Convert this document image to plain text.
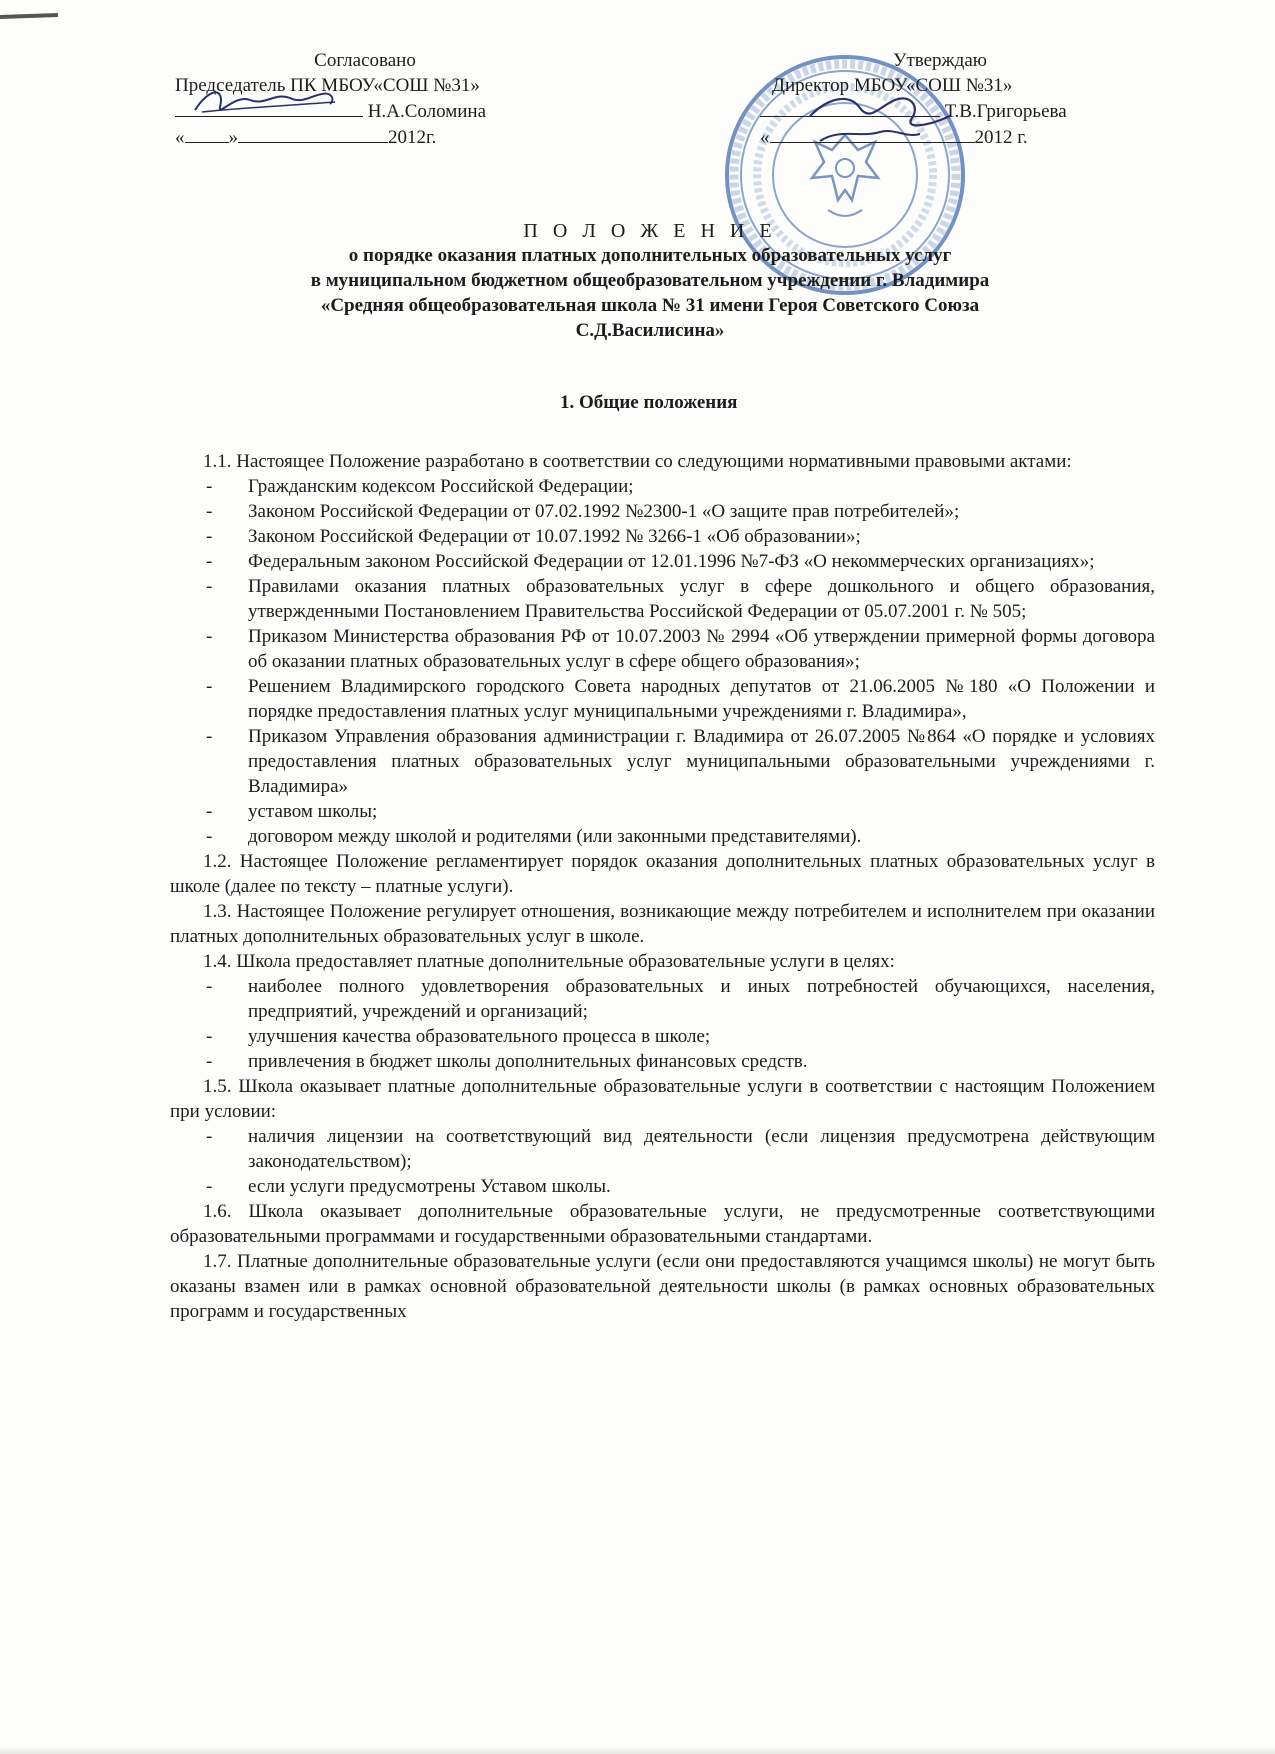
Согласовано
Председатель ПК МБОУ«СОШ №31»
Н.А.Соломина
« »	2012г.
Утверждаю
Директор МБОУ«СОШ №31»
Т.В.Григорьева
«	2012 г.
П О Л О Ж Е Н И Е
о порядке оказания платных дополнительных образовательных услуг
в муниципальном бюджетном общеобразовательном учреждении г. Владимира
«Средняя общеобразовательная школа № 31 имени Героя Советского Союза
С.Д.Василисина»
1. Общие положения
1.1. Настоящее Положение разработано в соответствии со следующими нормативными правовыми актами:
- Гражданским кодексом Российской Федерации;
- Законом Российской Федерации от 07.02.1992 №2300-1 «О защите прав потребителей»;
- Законом Российской Федерации от 10.07.1992 № 3266-1 «Об образовании»;
- Федеральным законом Российской Федерации от 12.01.1996 №7-ФЗ «О некоммерческих организациях»;
- Правилами оказания платных образовательных услуг в сфере дошкольного и общего образования, утвержденными Постановлением Правительства Российской Федерации от 05.07.2001 г. № 505;
- Приказом Министерства образования РФ от 10.07.2003 № 2994 «Об утверждении примерной формы договора об оказании платных образовательных услуг в сфере общего образования»;
- Решением Владимирского городского Совета народных депутатов от 21.06.2005 №180 «О Положении и порядке предоставления платных услуг муниципальными учреждениями г. Владимира»,
- Приказом Управления образования администрации г. Владимира от 26.07.2005 №864 «О порядке и условиях предоставления платных образовательных услуг муниципальными образовательными учреждениями г. Владимира»
- уставом школы;
- договором между школой и родителями (или законными представителями).
1.2. Настоящее Положение регламентирует порядок оказания дополнительных платных образовательных услуг в школе (далее по тексту – платные услуги).
1.3. Настоящее Положение регулирует отношения, возникающие между потребителем и исполнителем при оказании платных дополнительных образовательных услуг в школе.
1.4. Школа предоставляет платные дополнительные образовательные услуги в целях:
- наиболее полного удовлетворения образовательных и иных потребностей обучающихся, населения, предприятий, учреждений и организаций;
- улучшения качества образовательного процесса в школе;
- привлечения в бюджет школы дополнительных финансовых средств.
1.5. Школа оказывает платные дополнительные образовательные услуги в соответствии с настоящим Положением при условии:
- наличия лицензии на соответствующий вид деятельности (если лицензия предусмотрена действующим законодательством);
- если услуги предусмотрены Уставом школы.
1.6. Школа оказывает дополнительные образовательные услуги, не предусмотренные соответствующими образовательными программами и государственными образовательными стандартами.
1.7. Платные дополнительные образовательные услуги (если они предоставляются учащимся школы) не могут быть оказаны взамен или в рамках основной образовательной деятельности школы (в рамках основных образовательных программ и государственных
